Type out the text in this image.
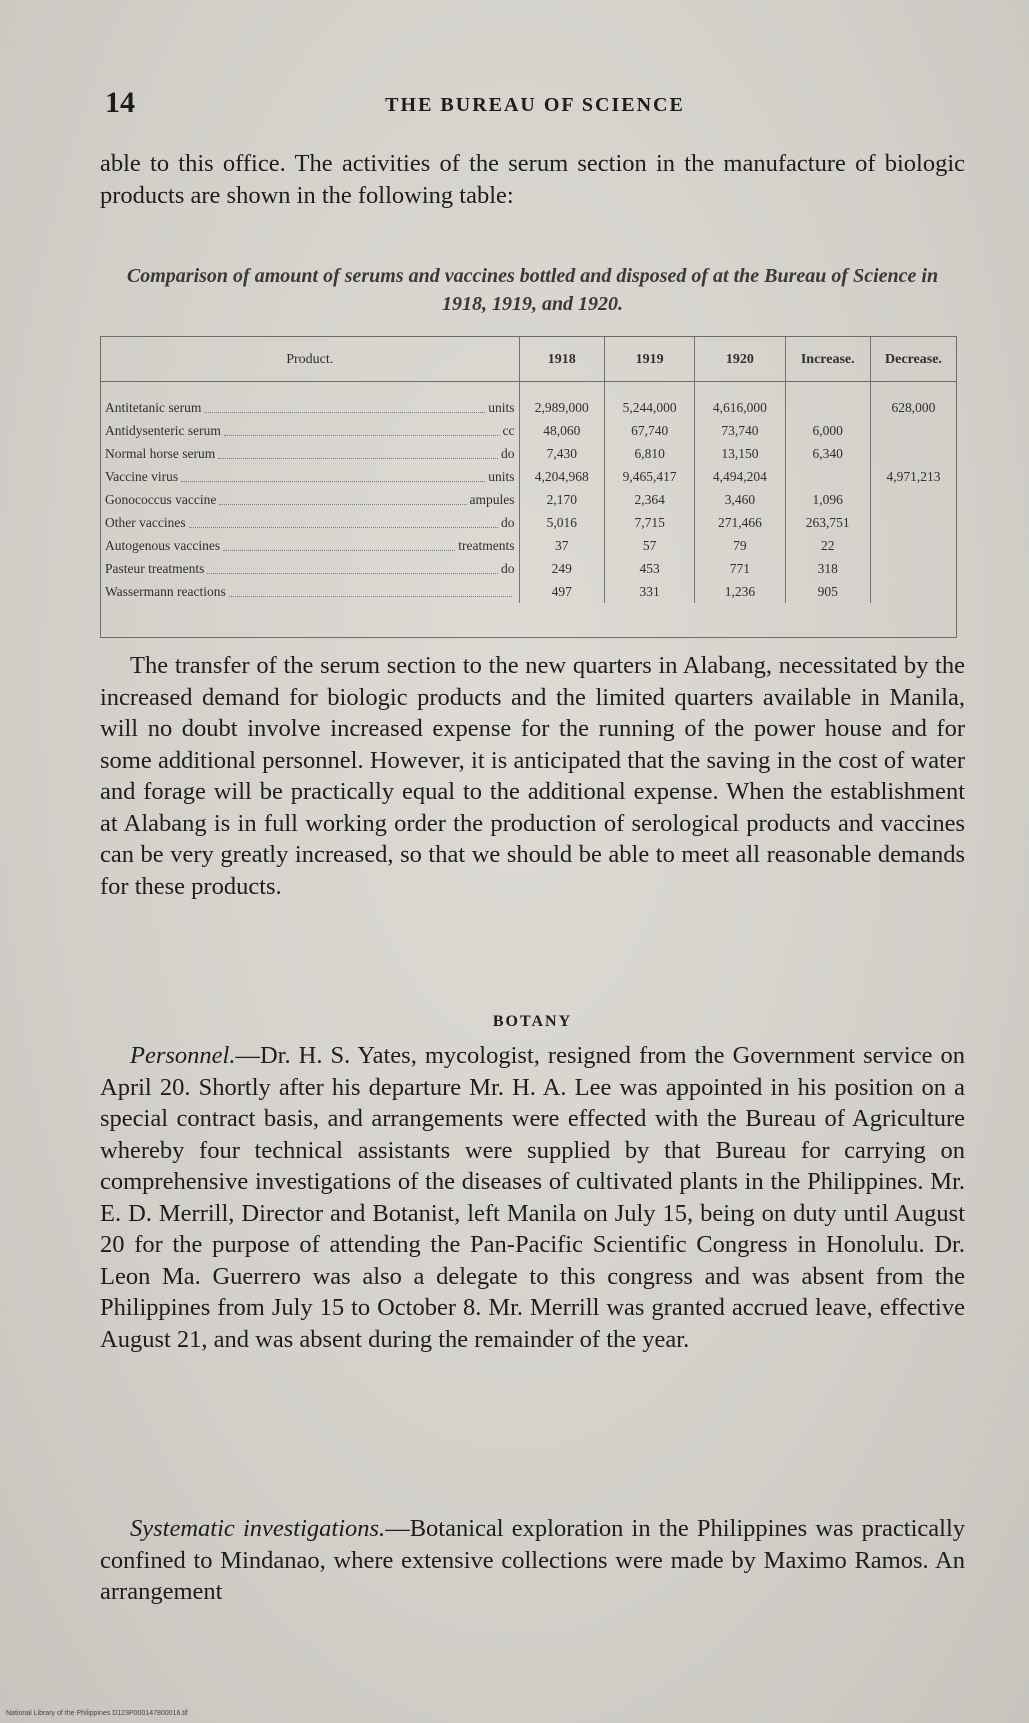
14	THE BUREAU OF SCIENCE
able to this office. The activities of the serum section in the manufacture of biologic products are shown in the following table:
Comparison of amount of serums and vaccines bottled and disposed of at the Bureau of Science in 1918, 1919, and 1920.
Product.	1918	1919	1920	Increase.	Decrease.

Antitetanic serum units	2,989,000	5,244,000	4,616,000		628,000

Antidysenteric serum cc	48,060	67,740	73,740	6,000	

Normal horse serum do	7,430	6,810	13,150	6,340	

Vaccine virus units	4,204,968	9,465,417	4,494,204		4,971,213

Gonococcus vaccine ampules	2,170	2,364	3,460	1,096	

Other vaccines do	5,016	7,715	271,466	263,751	

Autogenous vaccines treatments	37	57	79	22	

Pasteur treatments do	249	453	771	318	

Wassermann reactions	497	331	1,236	905	
The transfer of the serum section to the new quarters in Alabang, necessitated by the increased demand for biologic products and the limited quarters available in Manila, will no doubt involve increased expense for the running of the power house and for some additional personnel. However, it is anticipated that the saving in the cost of water and forage will be practically equal to the additional expense. When the establishment at Alabang is in full working order the production of serological products and vaccines can be very greatly increased, so that we should be able to meet all reasonable demands for these products.
BOTANY
Personnel.—Dr. H. S. Yates, mycologist, resigned from the Government service on April 20. Shortly after his departure Mr. H. A. Lee was appointed in his position on a special contract basis, and arrangements were effected with the Bureau of Agriculture whereby four technical assistants were supplied by that Bureau for carrying on comprehensive investigations of the diseases of cultivated plants in the Philippines. Mr. E. D. Merrill, Director and Botanist, left Manila on July 15, being on duty until August 20 for the purpose of attending the Pan-Pacific Scientific Congress in Honolulu. Dr. Leon Ma. Guerrero was also a delegate to this congress and was absent from the Philippines from July 15 to October 8. Mr. Merrill was granted accrued leave, effective August 21, and was absent during the remainder of the year.
Systematic investigations.—Botanical exploration in the Philippines was practically confined to Mindanao, where extensive collections were made by Maximo Ramos. An arrangement
National Library of the Philippines D123P000147800016.tif
